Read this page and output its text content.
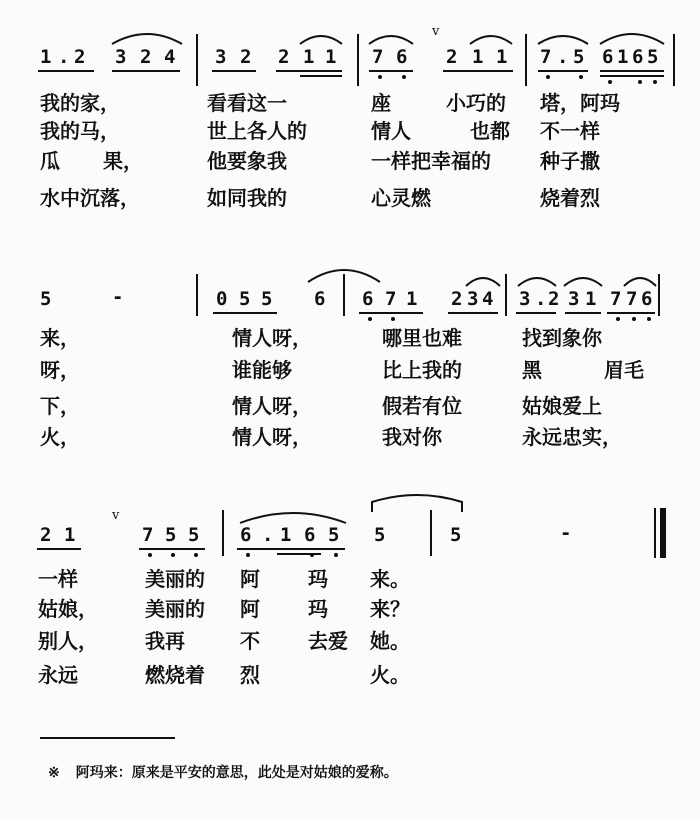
1 . 2 3 2 4 3 2 2 1 1 7 6 2 1 1 7 . 5 6 1 6 5
v
我的家，	看看这一	座	小巧的 塔，阿玛
我的马，	世上各人的	情人	也都 不一样
瓜 果，	他要象我	一样把幸福的 种子撒
水中沉落，	如同我的	心灵燃	烧着烈
5	-	0 5 5 6 6 7 1 2 3 4 3 . 2 3 1 7 7 6
来，	情人呀，	哪里也难	找到象你
呀，	谁能够	比上我的	黑	眉毛
下，	情人呀，	假若有位	姑娘爱上
火，	情人呀，	我对你	永远忠实，
2 1	7 5 5 6 . 1 6 5 5	5	-
v
一样	美丽的 阿 玛 来。
姑娘， 美丽的 阿 玛 来？
别人， 我再	不 去爱 她。
永远	燃烧着 烈	火。
※ 阿玛来：原来是平安的意思，此处是对姑娘的爱称。
